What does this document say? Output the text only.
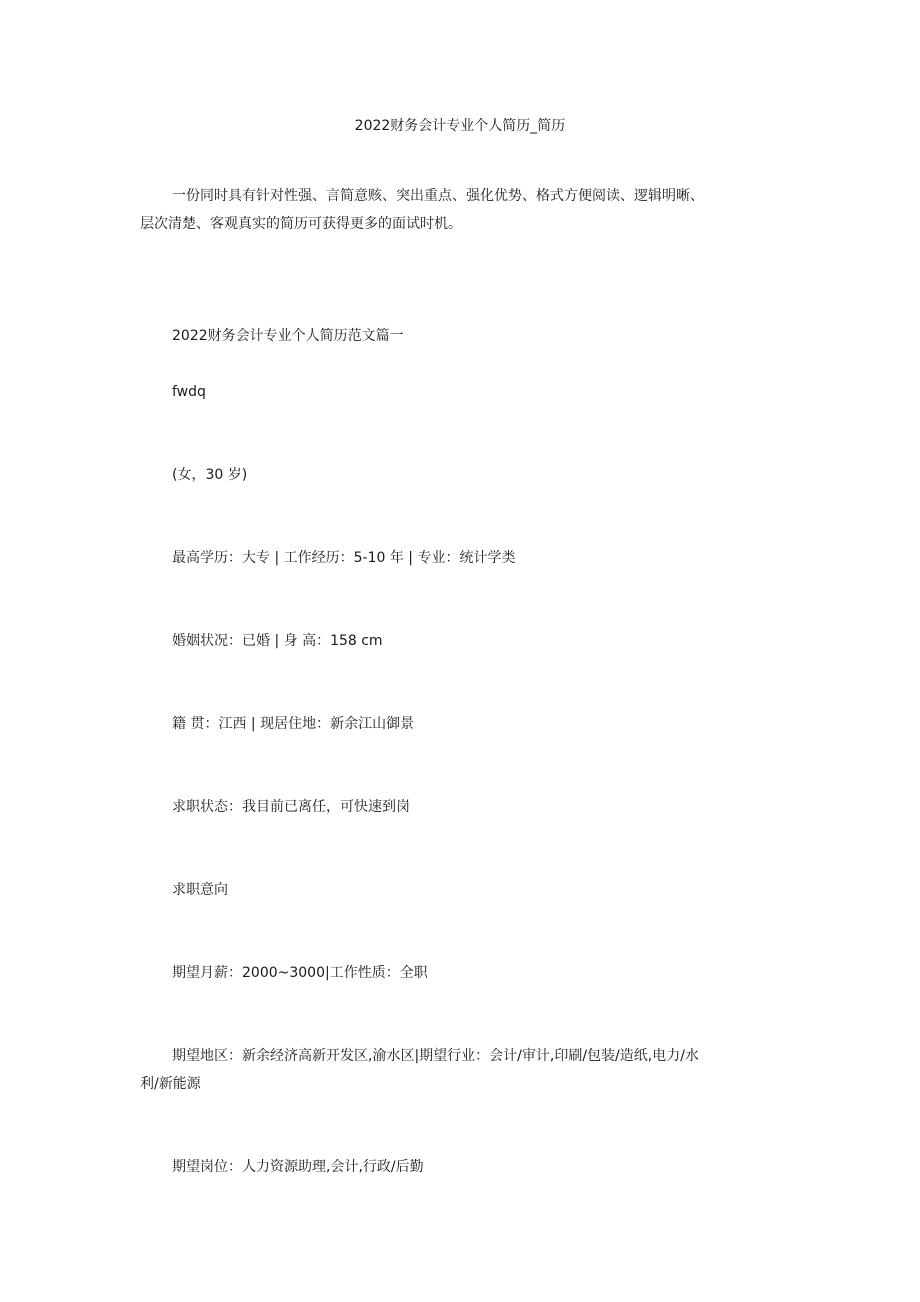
2022财务会计专业个人简历_简历
一份同时具有针对性强、言简意赅、突出重点、强化优势、格式方便阅读、逻辑明晰、
层次清楚、客观真实的简历可获得更多的面试时机。
2022财务会计专业个人简历范文篇一
fwdq
(女，30 岁)
最高学历：大专 | 工作经历：5-10 年 | 专业：统计学类
婚姻状况：已婚 | 身 高：158 cm
籍 贯：江西 | 现居住地：新余江山御景
求职状态：我目前已离任，可快速到岗
求职意向
期望月薪：2000~3000|工作性质：全职
期望地区：新余经济高新开发区,渝水区|期望行业：会计/审计,印刷/包装/造纸,电力/水
利/新能源
期望岗位：人力资源助理,会计,行政/后勤
